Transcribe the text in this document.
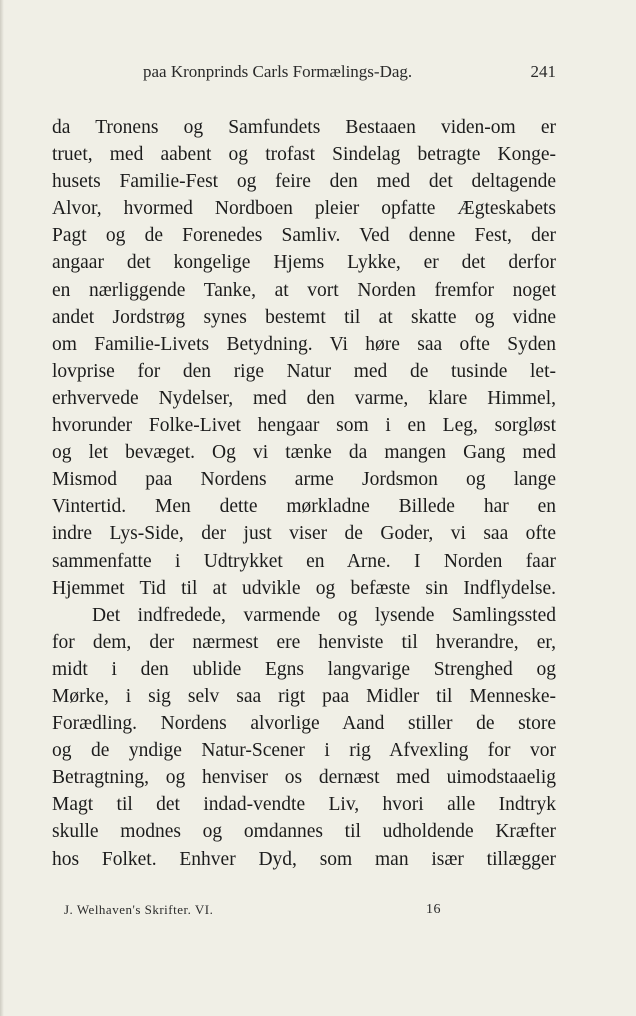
paa Kronprinds Carls Formælings-Dag.	241
da Tronens og Samfundets Bestaaen viden-om er
truet, med aabent og trofast Sindelag betragte Konge-
husets Familie-Fest og feire den med det deltagende
Alvor, hvormed Nordboen pleier opfatte Ægteskabets
Pagt og de Forenedes Samliv. Ved denne Fest, der
angaar det kongelige Hjems Lykke, er det derfor
en nærliggende Tanke, at vort Norden fremfor noget
andet Jordstrøg synes bestemt til at skatte og vidne
om Familie-Livets Betydning. Vi høre saa ofte Syden
lovprise for den rige Natur med de tusinde let-
erhvervede Nydelser, med den varme, klare Himmel,
hvorunder Folke-Livet hengaar som i en Leg, sorgløst
og let bevæget. Og vi tænke da mangen Gang med
Mismod paa Nordens arme Jordsmon og lange
Vintertid. Men dette mørkladne Billede har en
indre Lys-Side, der just viser de Goder, vi saa ofte
sammenfatte i Udtrykket en Arne. I Norden faar
Hjemmet Tid til at udvikle og befæste sin Indflydelse.
Det indfredede, varmende og lysende Samlingssted
for dem, der nærmest ere henviste til hverandre, er,
midt i den ublide Egns langvarige Strenghed og
Mørke, i sig selv saa rigt paa Midler til Menneske-
Forædling. Nordens alvorlige Aand stiller de store
og de yndige Natur-Scener i rig Afvexling for vor
Betragtning, og henviser os dernæst med uimodstaaelig
Magt til det indad-vendte Liv, hvori alle Indtryk
skulle modnes og omdannes til udholdende Kræfter
hos Folket. Enhver Dyd, som man især tillægger
J. Welhaven's Skrifter. VI.	16
